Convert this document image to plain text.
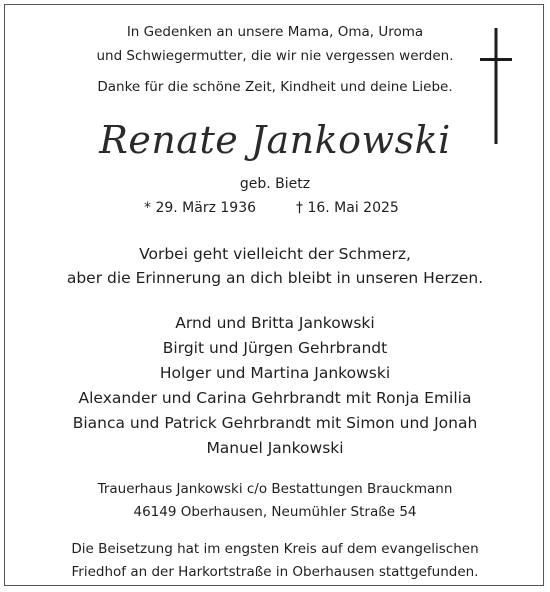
In Gedenken an unsere Mama, Oma, Uroma
und Schwiegermutter, die wir nie vergessen werden.
Danke für die schöne Zeit, Kindheit und deine Liebe.
Renate Jankowski
geb. Bietz
* 29. März 1936	† 16. Mai 2025
Vorbei geht vielleicht der Schmerz,
aber die Erinnerung an dich bleibt in unseren Herzen.
Arnd und Britta Jankowski
Birgit und Jürgen Gehrbrandt
Holger und Martina Jankowski
Alexander und Carina Gehrbrandt mit Ronja Emilia
Bianca und Patrick Gehrbrandt mit Simon und Jonah
Manuel Jankowski
Trauerhaus Jankowski c/o Bestattungen Brauckmann
46149 Oberhausen, Neumühler Straße 54
Die Beisetzung hat im engsten Kreis auf dem evangelischen
Friedhof an der Harkortstraße in Oberhausen stattgefunden.
